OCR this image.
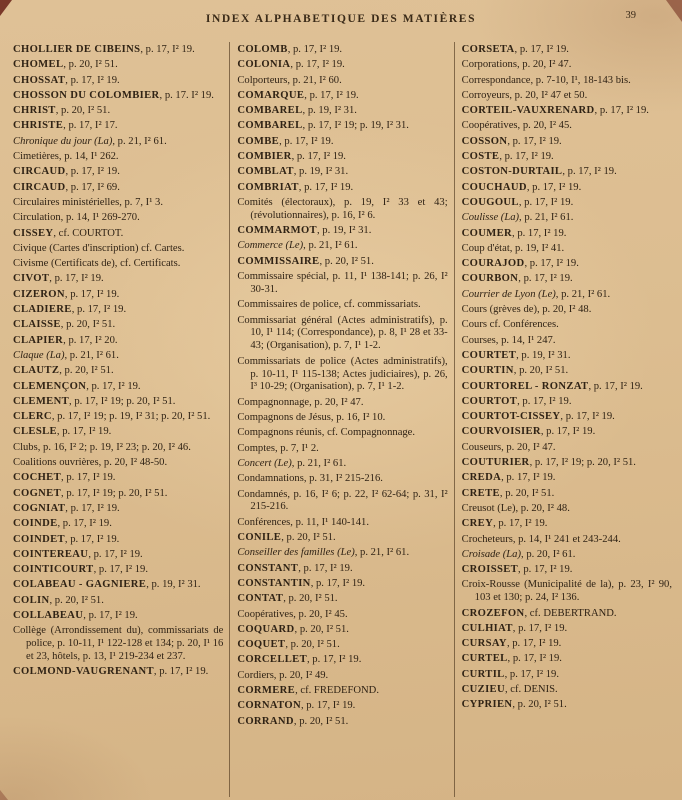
INDEX ALPHABETIQUE DES MATIÈRES	39
CHOLLIER DE CIBEINS, p. 17, I² 19.
CHOMEL, p. 20, I² 51.
CHOSSAT, p. 17, I² 19.
CHOSSON DU COLOMBIER, p. 17. I² 19.
CHRIST, p. 20, I² 51.
CHRISTE, p. 17, I² 17.
Chronique du jour (La), p. 21, I² 61.
Cimetières, p. 14, I¹ 262.
CIRCAUD, p. 17, I² 19.
CIRCAUD, p. 17, I² 69.
Circulaires ministérielles, p. 7, I¹ 3.
Circulation, p. 14, I¹ 269-270.
CISSEY, cf. COURTOT.
Civique (Cartes d'inscription) cf. Cartes.
Civisme (Certificats de), cf. Certificats.
CIVOT, p. 17, I² 19.
CIZERON, p. 17, I² 19.
CLADIERE, p. 17, I² 19.
CLAISSE, p. 20, I² 51.
CLAPIER, p. 17, I² 20.
Claque (La), p. 21, I² 61.
CLAUTZ, p. 20, I² 51.
CLEMENÇON, p. 17, I² 19.
CLEMENT, p. 17, I² 19; p. 20, I² 51.
CLERC, p. 17, I² 19; p. 19, I² 31; p. 20, I² 51.
CLESLE, p. 17, I² 19.
Clubs, p. 16, I² 2; p. 19, I² 23; p. 20, I² 46.
Coalitions ouvrières, p. 20, I² 48-50.
COCHET, p. 17, I² 19.
COGNET, p. 17, I² 19; p. 20, I² 51.
COGNIAT, p. 17, I² 19.
COINDE, p. 17, I² 19.
COINDET, p. 17, I² 19.
COINTEREAU, p. 17, I² 19.
COINTICOURT, p. 17, I² 19.
COLABEAU - GAGNIERE, p. 19, I² 31.
COLIN, p. 20, I² 51.
COLLABEAU, p. 17, I² 19.
Collège (Arrondissement du), commissariats de police, p. 10-11, I¹ 122-128 et 134; p. 20, I¹ 16 et 23, hôtels, p. 13, I¹ 219-234 et 237.
COLMOND-VAUGRENANT, p. 17, I² 19.
COLOMB, p. 17, I² 19.
COLONIA, p. 17, I² 19.
Colporteurs, p. 21, I² 60.
COMARQUE, p. 17, I² 19.
COMBAREL, p. 19, I² 31.
COMBAREL, p. 17, I² 19; p. 19, I² 31.
COMBE, p. 17, I² 19.
COMBIER, p. 17, I² 19.
COMBLAT, p. 19, I² 31.
COMBRIAT, p. 17, I² 19.
Comités (électoraux), p. 19, I² 33 et 43; (révolutionnaires), p. 16, I² 6.
COMMARMOT, p. 19, I² 31.
Commerce (Le), p. 21, I² 61.
COMMISSAIRE, p. 20, I² 51.
Commissaire spécial, p. 11, I¹ 138-141; p. 26, I² 30-31.
Commissaires de police, cf. commissariats.
Commissariat général (Actes administratifs), p. 10, I¹ 114; (Correspondance), p. 8, I¹ 28 et 33-43; (Organisation), p. 7, I¹ 1-2.
Commissariats de police (Actes administratifs), p. 10-11, I¹ 115-138; Actes judiciaires), p. 26, I³ 10-29; (Organisation), p. 7, I¹ 1-2.
Compagnonnage, p. 20, I² 47.
Compagnons de Jésus, p. 16, I² 10.
Compagnons réunis, cf. Compagnonnage.
Comptes, p. 7, I¹ 2.
Concert (Le), p. 21, I² 61.
Condamnations, p. 31, I² 215-216.
Condamnés, p. 16, I² 6; p. 22, I² 62-64; p. 31, I² 215-216.
Conférences, p. 11, I¹ 140-141.
CONILE, p. 20, I² 51.
Conseiller des familles (Le), p. 21, I² 61.
CONSTANT, p. 17, I² 19.
CONSTANTIN, p. 17, I² 19.
CONTAT, p. 20, I² 51.
Coopératives, p. 20, I² 45.
COQUARD, p. 20, I² 51.
COQUET, p. 20, I² 51.
CORCELLET, p. 17, I² 19.
Cordiers, p. 20, I² 49.
CORMERE, cf. FREDEFOND.
CORNATON, p. 17, I² 19.
CORRAND, p. 20, I² 51.
CORSETA, p. 17, I² 19.
Corporations, p. 20, I² 47.
Correspondance, p. 7-10, I¹, 18-143 bis.
Corroyeurs, p. 20, I² 47 et 50.
CORTEIL-VAUXRENARD, p. 17, I² 19.
Coopératives, p. 20, I² 45.
COSSON, p. 17, I² 19.
COSTE, p. 17, I² 19.
COSTON-DURTAIL, p. 17, I² 19.
COUCHAUD, p. 17, I² 19.
COUGOUL, p. 17, I² 19.
Coulisse (La), p. 21, I² 61.
COUMER, p. 17, I² 19.
Coup d'état, p. 19, I² 41.
COURAJOD, p. 17, I² 19.
COURBON, p. 17, I² 19.
Courrier de Lyon (Le), p. 21, I² 61.
Cours (grèves de), p. 20, I² 48.
Cours cf. Conférences.
Courses, p. 14, I¹ 247.
COURTET, p. 19, I² 31.
COURTIN, p. 20, I² 51.
COURTOREL - RONZAT, p. 17, I² 19.
COURTOT, p. 17, I² 19.
COURTOT-CISSEY, p. 17, I² 19.
COURVOISIER, p. 17, I² 19.
Couseurs, p. 20, I² 47.
COUTURIER, p. 17, I² 19; p. 20, I² 51.
CREDA, p. 17, I² 19.
CRETE, p. 20, I² 51.
Creusot (Le), p. 20, I² 48.
CREY, p. 17, I² 19.
Crocheteurs, p. 14, I¹ 241 et 243-244.
Croisade (La), p. 20, I² 61.
CROISSET, p. 17, I² 19.
Croix-Rousse (Municipalité de la), p. 23, I² 90, 103 et 130; p. 24, I² 136.
CROZEFON, cf. DEBERTRAND.
CULHIAT, p. 17, I² 19.
CURSAY, p. 17, I² 19.
CURTEL, p. 17, I² 19.
CURTIL, p. 17, I² 19.
CUZIEU, cf. DENIS.
CYPRIEN, p. 20, I² 51.
